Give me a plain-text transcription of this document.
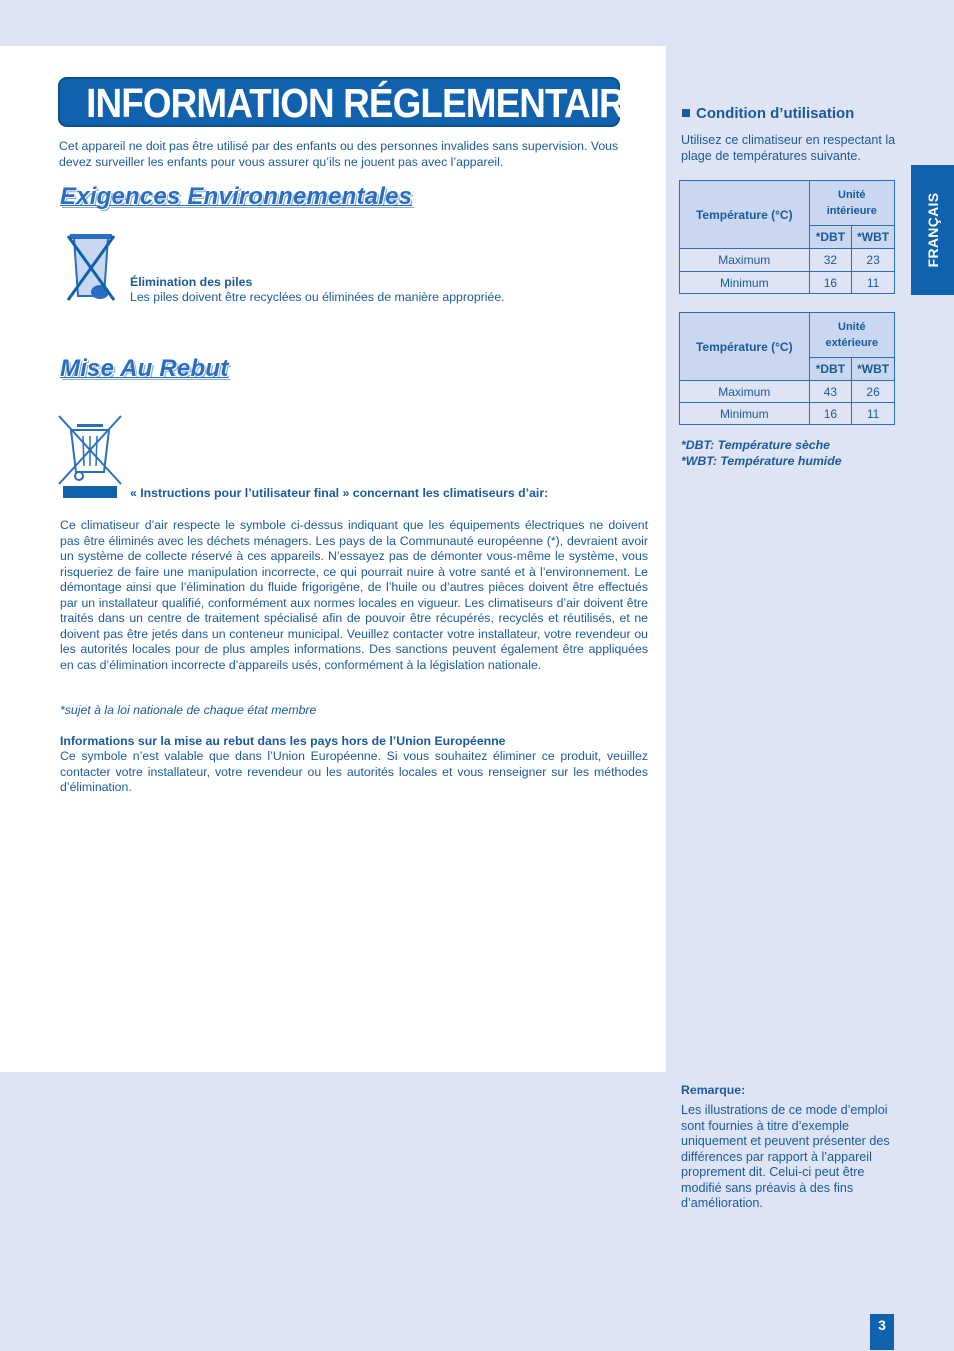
INFORMATION RÉGLEMENTAIRE

Cet appareil ne doit pas être utilisé par des enfants ou des personnes invalides sans supervision. Vous devez surveiller les enfants pour vous assurer qu’ils ne jouent pas avec l’appareil.

Exigences Environnementales
Élimination des piles
Les piles doivent être recyclées ou éliminées de manière appropriée.
Mise Au Rebut
« Instructions pour l’utilisateur final » concernant les climatiseurs d’air:

Ce climatiseur d’air respecte le symbole ci-dessus indiquant que les équipements électriques ne doivent pas être éliminés avec les déchets ménagers. Les pays de la Communauté européenne (*), devraient avoir un système de collecte réservé à ces appareils. N’essayez pas de démonter vous-même le système, vous risqueriez de faire une manipulation incorrecte, ce qui pourrait nuire à votre santé et à l’environnement. Le démontage ainsi que l’élimination du fluide frigorigène, de l’huile ou d’autres pièces doivent être effectués par un installateur qualifié, conformément aux normes locales en vigueur. Les climatiseurs d’air doivent être traités dans un centre de traitement spécialisé afin de pouvoir être récupérés, recyclés et réutilisés, et ne doivent pas être jetés dans un conteneur municipal. Veuillez contacter votre installateur, votre revendeur ou les autorités locales pour de plus amples informations. Des sanctions peuvent également être appliquées en cas d’élimination incorrecte d’appareils usés, conformément à la législation nationale.

*sujet à la loi nationale de chaque état membre
Informations sur la mise au rebut dans les pays hors de l’Union Européenne

Ce symbole n’est valable que dans l’Union Européenne. Si vous souhaitez éliminer ce produit, veuillez contacter votre installateur, votre revendeur ou les autorités locales et vous renseigner sur les méthodes d’élimination.

Condition d’utilisation

Utilisez ce climatiseur en respectant la plage de températures suivante.

Température (°C)	Unité
intérieure	
	*DBT	*WBT
Maximum	32	23
Minimum	16	11
Température (°C)	Unité
extérieure	
	*DBT	*WBT
Maximum	43	26
Minimum	16	11
*DBT: Température sèche
*WBT: Température humide
FRANÇAIS
Remarque:

Les illustrations de ce mode d’emploi sont fournies à titre d’exemple uniquement et peuvent présenter des différences par rapport à l’appareil proprement dit. Celui-ci peut être modifié sans préavis à des fins d’amélioration.

3
